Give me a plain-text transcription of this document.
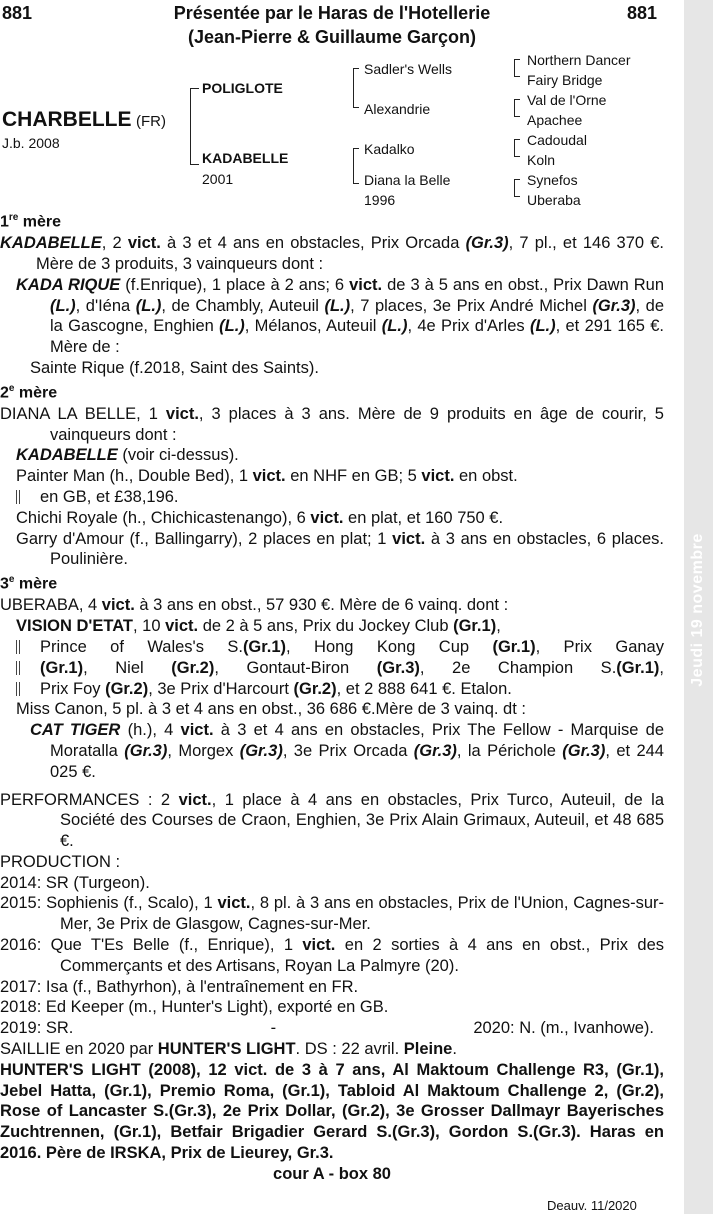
Jeudi 19 novembre
881	881
Présentée par le Haras de l'Hotellerie
(Jean-Pierre & Guillaume Garçon)
CHARBELLE (FR)
J.b. 2008
POLIGLOTE
KADABELLE
2001
Sadler's Wells
Alexandrie
Kadalko
Diana la Belle
1996
Northern Dancer
Fairy Bridge
Val de l'Orne
Apachee
Cadoudal
Koln
Synefos
Uberaba
1re mère

KADABELLE, 2 vict. à 3 et 4 ans en obstacles, Prix Orcada (Gr.3), 7 pl., et 146 370 €. Mère de 3 produits, 3 vainqueurs dont :

KADA RIQUE (f.Enrique), 1 place à 2 ans; 6 vict. de 3 à 5 ans en obst., Prix Dawn Run (L.), d'Iéna (L.), de Chambly, Auteuil (L.), 7 places, 3e Prix André Michel (Gr.3), de la Gascogne, Enghien (L.), Mélanos, Auteuil (L.), 4e Prix d'Arles (L.), et 291 165 €. Mère de :

Sainte Rique (f.2018, Saint des Saints).

2e mère

DIANA LA BELLE, 1 vict., 3 places à 3 ans. Mère de 9 produits en âge de courir, 5 vainqueurs dont :

KADABELLE (voir ci-dessus).

Painter Man (h., Double Bed), 1 vict. en NHF en GB; 5 vict. en obst.

en GB, et £38,196.

Chichi Royale (h., Chichicastenango), 6 vict. en plat, et 160 750 €.

Garry d'Amour (f., Ballingarry), 2 places en plat; 1 vict. à 3 ans en obstacles, 6 places. Poulinière.

3e mère

UBERABA, 4 vict. à 3 ans en obst., 57 930 €. Mère de 6 vainq. dont :

VISION D'ETAT, 10 vict. de 2 à 5 ans, Prix du Jockey Club (Gr.1),

Prince of Wales's S.(Gr.1), Hong Kong Cup (Gr.1), Prix Ganay

(Gr.1), Niel (Gr.2), Gontaut-Biron (Gr.3), 2e Champion S.(Gr.1),

Prix Foy (Gr.2), 3e Prix d'Harcourt (Gr.2), et 2 888 641 €. Etalon.

Miss Canon, 5 pl. à 3 et 4 ans en obst., 36 686 €.Mère de 3 vainq. dt :

CAT TIGER (h.), 4 vict. à 3 et 4 ans en obstacles, Prix The Fellow - Marquise de Moratalla (Gr.3), Morgex (Gr.3), 3e Prix Orcada (Gr.3), la Périchole (Gr.3), et 244 025 €.

PERFORMANCES : 2 vict., 1 place à 4 ans en obstacles, Prix Turco, Auteuil, de la Société des Courses de Craon, Enghien, 3e Prix Alain Grimaux, Auteuil, et 48 685 €.

PRODUCTION :

2014: SR (Turgeon).

2015: Sophienis (f., Scalo), 1 vict., 8 pl. à 3 ans en obstacles, Prix de l'Union, Cagnes-sur-Mer, 3e Prix de Glasgow, Cagnes-sur-Mer.

2016: Que T'Es Belle (f., Enrique), 1 vict. en 2 sorties à 4 ans en obst., Prix des Commerçants et des Artisans, Royan La Palmyre (20).

2017: Isa (f., Bathyrhon), à l'entraînement en FR.

2018: Ed Keeper (m., Hunter's Light), exporté en GB.

2019: SR.	-	2020: N. (m., Ivanhowe).

SAILLIE en 2020 par HUNTER'S LIGHT. DS : 22 avril. Pleine.

HUNTER'S LIGHT (2008), 12 vict. de 3 à 7 ans, Al Maktoum Challenge R3, (Gr.1), Jebel Hatta, (Gr.1), Premio Roma, (Gr.1), Tabloid Al Maktoum Challenge 2, (Gr.2), Rose of Lancaster S.(Gr.3), 2e Prix Dollar, (Gr.2), 3e Grosser Dallmayr Bayerisches Zuchtrennen, (Gr.1), Betfair Brigadier Gerard S.(Gr.3), Gordon S.(Gr.3). Haras en 2016. Père de IRSKA, Prix de Lieurey, Gr.3.

cour A - box 80

Deauv. 11/2020
